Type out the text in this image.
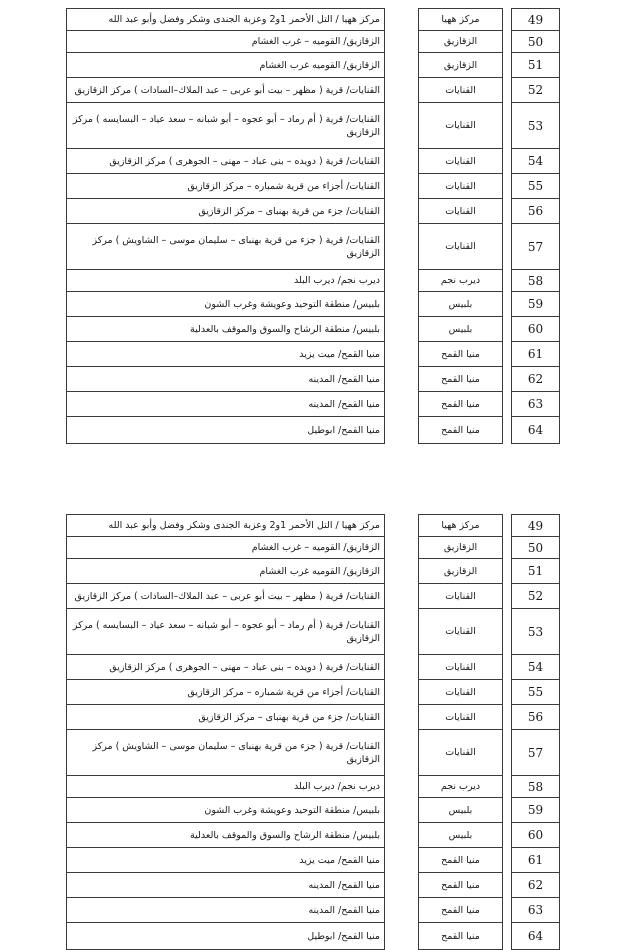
مركز ههيا / التل الأحمر 1و2 وعزبة الجندى وشكر وفضل وأبو عبد الله		مركز ههيا		49
الزقازيق/ القوميه – غرب الغشام		الزقازيق		50
الزقازيق/ القوميه غرب الغشام		الزقازيق		51
القنايات/ قرية ( مظهر – بيت أبو عربى – عبد الملاك–السادات ) مركز الزقازيق		القنايات		52
القنايات/ قرية ( أم رماد – أبو عجوه – أبو شبانه – سعد عياد – البسايسه ) مركز الزقازيق		القنايات		53
القنايات/ قرية ( دويده – بنى عباد – مهنى – الجوهرى ) مركز الزقازيق		القنايات		54
القنايات/ أجزاء من قرية شمباره – مركز الزقازيق		القنايات		55
القنايات/ جزء من قرية بهنباى – مركز الزقازيق		القنايات		56
القنايات/ قرية ( جزء من قرية بهنباى – سليمان موسى – الشاويش ) مركز الزقازيق		القنايات		57
ديرب نجم/ ديرب البلد		ديرب نجم		58
بلبيس/ منطقة التوحيد وعويشة وغرب الشون		بلبيس		59
بلبيس/ منطقة الرشاح والسوق والموقف بالعدلية		بلبيس		60
منيا القمح/ ميت يزيد		منيا القمح		61
منيا القمح/ المدينه		منيا القمح		62
منيا القمح/ المدينه		منيا القمح		63
منيا القمح/ ابوطيل		منيا القمح		64
مركز ههيا / التل الأحمر 1و2 وعزبة الجندى وشكر وفضل وأبو عبد الله		مركز ههيا		49
الزقازيق/ القوميه – غرب الغشام		الزقازيق		50
الزقازيق/ القوميه غرب الغشام		الزقازيق		51
القنايات/ قرية ( مظهر – بيت أبو عربى – عبد الملاك–السادات ) مركز الزقازيق		القنايات		52
القنايات/ قرية ( أم رماد – أبو عجوه – أبو شبانه – سعد عياد – البسايسه ) مركز الزقازيق		القنايات		53
القنايات/ قرية ( دويده – بنى عباد – مهنى – الجوهرى ) مركز الزقازيق		القنايات		54
القنايات/ أجزاء من قرية شمباره – مركز الزقازيق		القنايات		55
القنايات/ جزء من قرية بهنباى – مركز الزقازيق		القنايات		56
القنايات/ قرية ( جزء من قرية بهنباى – سليمان موسى – الشاويش ) مركز الزقازيق		القنايات		57
ديرب نجم/ ديرب البلد		ديرب نجم		58
بلبيس/ منطقة التوحيد وعويشة وغرب الشون		بلبيس		59
بلبيس/ منطقة الرشاح والسوق والموقف بالعدلية		بلبيس		60
منيا القمح/ ميت يزيد		منيا القمح		61
منيا القمح/ المدينه		منيا القمح		62
منيا القمح/ المدينه		منيا القمح		63
منيا القمح/ ابوطيل		منيا القمح		64
